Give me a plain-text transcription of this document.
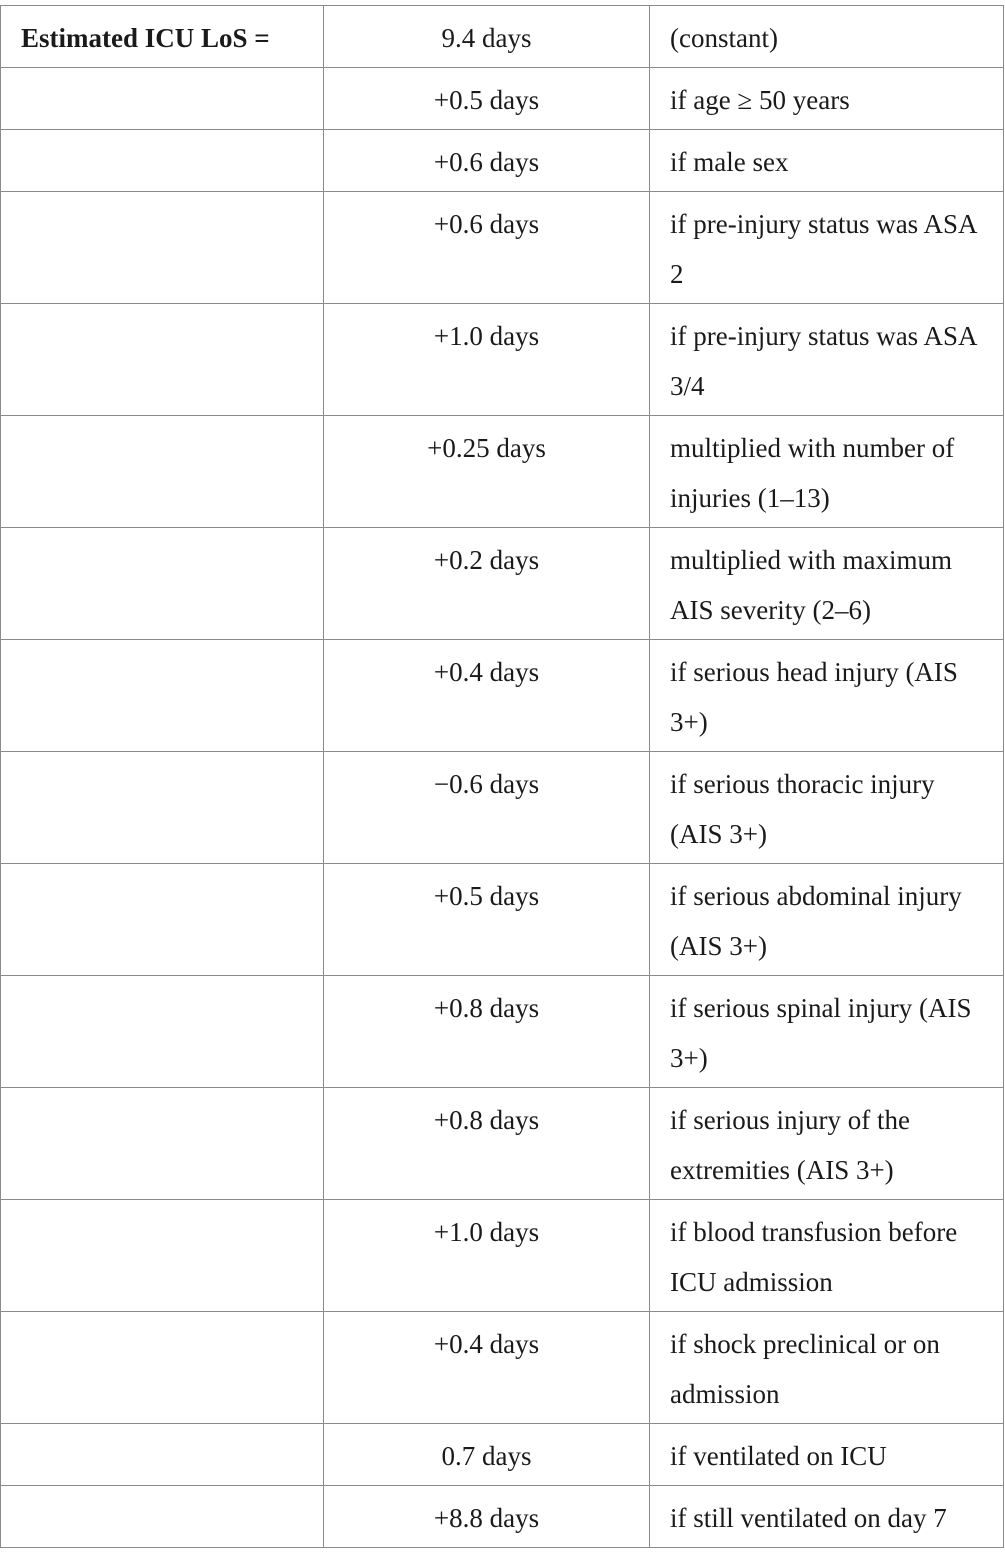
Estimated ICU LoS =	9.4 days	(constant)
	+0.5 days	if age ≥ 50 years
	+0.6 days	if male sex
	+0.6 days	if pre-injury status was ASA 2
	+1.0 days	if pre-injury status was ASA 3/4
	+0.25 days	multiplied with number of injuries (1–13)
	+0.2 days	multiplied with maximum AIS severity (2–6)
	+0.4 days	if serious head injury (AIS 3+)
	−0.6 days	if serious thoracic injury (AIS 3+)
	+0.5 days	if serious abdominal injury (AIS 3+)
	+0.8 days	if serious spinal injury (AIS 3+)
	+0.8 days	if serious injury of the extremities (AIS 3+)
	+1.0 days	if blood transfusion before ICU admission
	+0.4 days	if shock preclinical or on admission
	0.7 days	if ventilated on ICU
	+8.8 days	if still ventilated on day 7
